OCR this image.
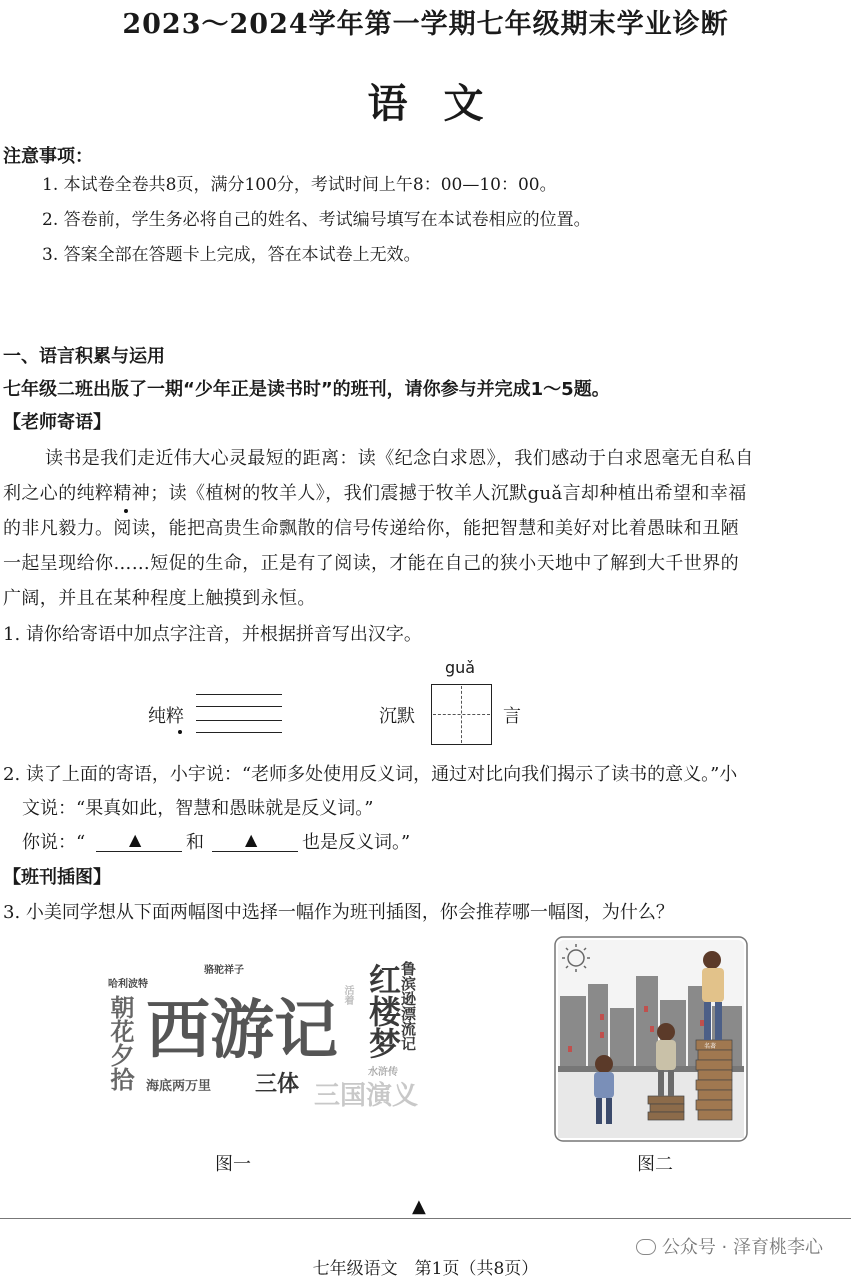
2023～2024学年第一学期七年级期末学业诊断
语文
注意事项：
1. 本试卷全卷共8页，满分100分，考试时间上午8：00—10：00。
2. 答卷前，学生务必将自己的姓名、考试编号填写在本试卷相应的位置。
3. 答案全部在答题卡上完成，答在本试卷上无效。
一、语言积累与运用
七年级二班出版了一期“少年正是读书时”的班刊，请你参与并完成1～5题。
【老师寄语】
读书是我们走近伟大心灵最短的距离：读《纪念白求恩》，我们感动于白求恩毫无自私自
利之心的纯粹精神；读《植树的牧羊人》，我们震撼于牧羊人沉默guǎ言却种植出希望和幸福
的非凡毅力。阅读，能把高贵生命飘散的信号传递给你，能把智慧和美好对比着愚昧和丑陋
一起呈现给你……短促的生命，正是有了阅读，才能在自己的狭小天地中了解到大千世界的
广阔，并且在某种程度上触摸到永恒。
1. 请你给寄语中加点字注音，并根据拼音写出汉字。
纯粹
guǎ
沉默	言
2. 读了上面的寄语，小宇说：“老师多处使用反义词，通过对比向我们揭示了读书的意义。”小
文说：“果真如此，智慧和愚昧就是反义词。”
你说：“	▲ 和	▲ 也是反义词。”
【班刊插图】
3. 小美同学想从下面两幅图中选择一幅作为班刊插图，你会推荐哪一幅图，为什么？
哈利波特
骆驼祥子
西游记 活着 红楼梦
鲁滨逊漂流记
朝花夕拾 海底两万里 三体 三国演义
水浒传
图一
名著
图二
▲
公众号 · 泽育桃李心
七年级语文　第1页（共8页）
